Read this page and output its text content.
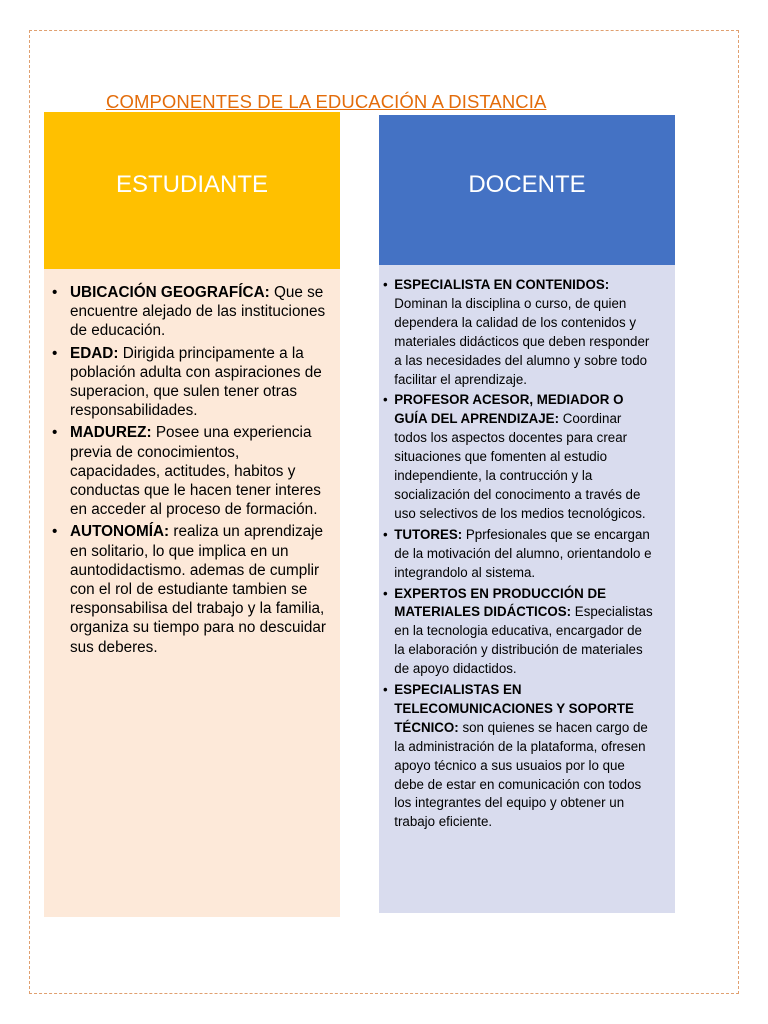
COMPONENTES DE LA EDUCACIÓN A DISTANCIA
ESTUDIANTE
• UBICACIÓN GEOGRAFÍCA: Que se encuentre alejado de las instituciones de educación.
• EDAD: Dirigida principamente a la población adulta con aspiraciones de superacion, que sulen tener otras responsabilidades.
• MADUREZ: Posee una experiencia previa de conocimientos, capacidades, actitudes, habitos y conductas que le hacen tener interes en acceder al proceso de formación.
• AUTONOMÍA: realiza un aprendizaje en solitario, lo que implica en un auntodidactismo. ademas de cumplir con el rol de estudiante tambien se responsabilisa del trabajo y la familia, organiza su tiempo para no descuidar sus deberes.
DOCENTE
• ESPECIALISTA EN CONTENIDOS: Dominan la disciplina o curso, de quien dependera la calidad de los contenidos y materiales didácticos que deben responder a las necesidades del alumno y sobre todo facilitar el aprendizaje.
• PROFESOR ACESOR, MEDIADOR O GUÍA DEL APRENDIZAJE: Coordinar todos los aspectos docentes para crear situaciones que fomenten al estudio independiente, la contrucción y la socialización del conocimento a través de uso selectivos de los medios tecnológicos.
• TUTORES: Pprfesionales que se encargan de la motivación del alumno, orientandolo e integrandolo al sistema.
• EXPERTOS EN PRODUCCIÓN DE MATERIALES DIDÁCTICOS: Especialistas en la tecnologia educativa, encargador de la elaboración y distribución de materiales de apoyo didactidos.
• ESPECIALISTAS EN TELECOMUNICACIONES Y SOPORTE TÉCNICO: son quienes se hacen cargo de la administración de la plataforma, ofresen apoyo técnico a sus usuaios por lo que debe de estar en comunicación con todos los integrantes del equipo y obtener un trabajo eficiente.
